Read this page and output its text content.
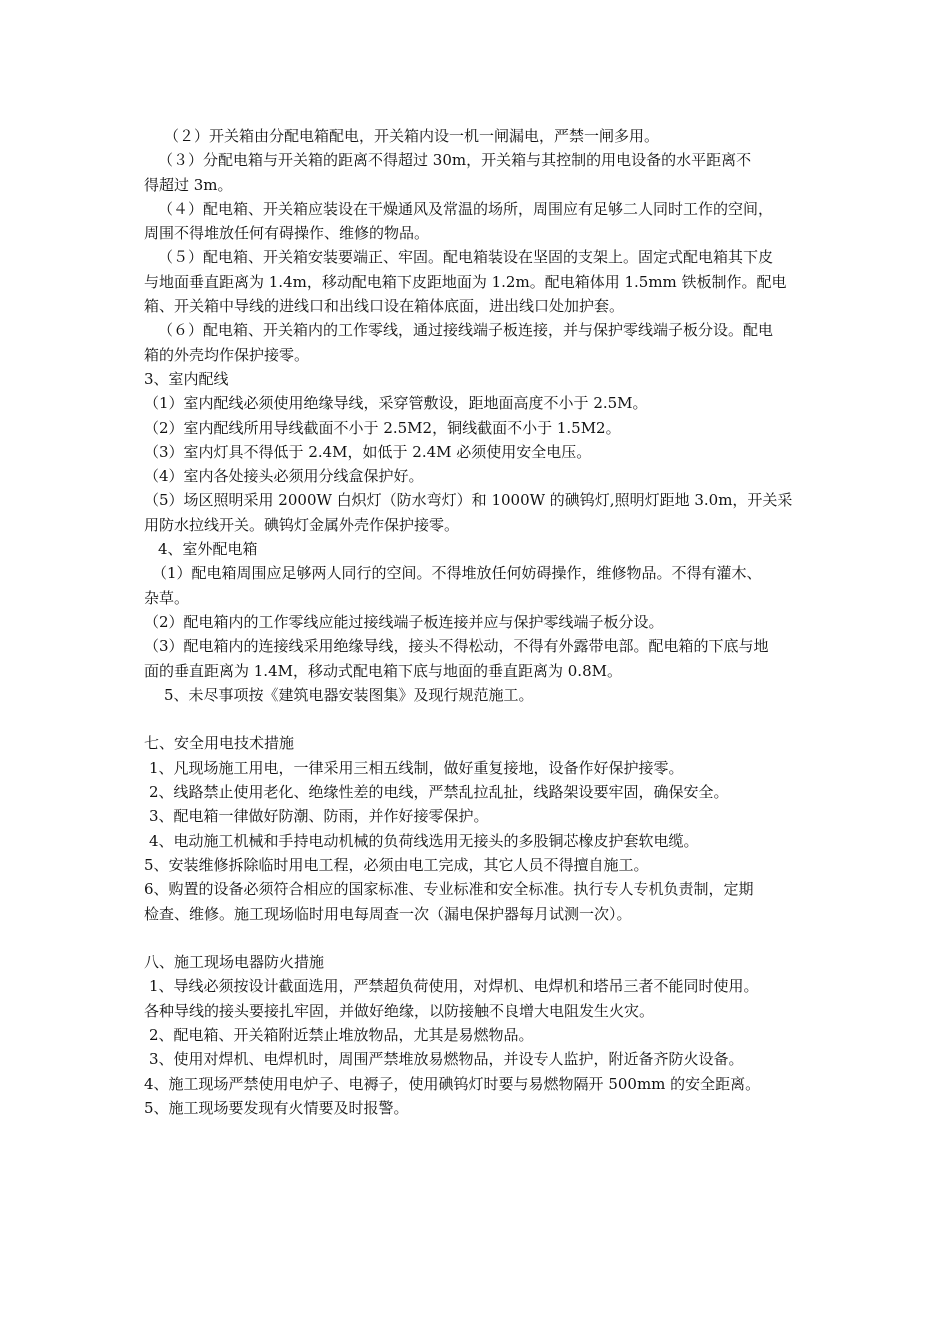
（２）开关箱由分配电箱配电，开关箱内设一机一闸漏电，严禁一闸多用。
（３）分配电箱与开关箱的距离不得超过 30m，开关箱与其控制的用电设备的水平距离不
得超过 3m。
（４）配电箱、开关箱应装设在干燥通风及常温的场所，周围应有足够二人同时工作的空间，
周围不得堆放任何有碍操作、维修的物品。
（５）配电箱、开关箱安装要端正、牢固。配电箱装设在坚固的支架上。固定式配电箱其下皮
与地面垂直距离为 1.4m，移动配电箱下皮距地面为 1.2m。配电箱体用 1.5mm 铁板制作。配电
箱、开关箱中导线的进线口和出线口设在箱体底面，进出线口处加护套。
（６）配电箱、开关箱内的工作零线，通过接线端子板连接，并与保护零线端子板分设。配电
箱的外壳均作保护接零。
3、室内配线
（1）室内配线必须使用绝缘导线，采穿管敷设，距地面高度不小于 2.5M。
（2）室内配线所用导线截面不小于 2.5M2，铜线截面不小于 1.5M2。
（3）室内灯具不得低于 2.4M，如低于 2.4M 必须使用安全电压。
（4）室内各处接头必须用分线盒保护好。
（5）场区照明采用 2000W 白炽灯（防水弯灯）和 1000W 的碘钨灯,照明灯距地 3.0m，开关采
用防水拉线开关。碘钨灯金属外壳作保护接零。
4、室外配电箱
（1）配电箱周围应足够两人同行的空间。不得堆放任何妨碍操作，维修物品。不得有灌木、
杂草。
（2）配电箱内的工作零线应能过接线端子板连接并应与保护零线端子板分设。
（3）配电箱内的连接线采用绝缘导线，接头不得松动，不得有外露带电部。配电箱的下底与地
面的垂直距离为 1.4M，移动式配电箱下底与地面的垂直距离为 0.8M。
5、未尽事项按《建筑电器安装图集》及现行规范施工。
七、安全用电技术措施
1、凡现场施工用电，一律采用三相五线制，做好重复接地，设备作好保护接零。
2、线路禁止使用老化、绝缘性差的电线，严禁乱拉乱扯，线路架设要牢固，确保安全。
3、配电箱一律做好防潮、防雨，并作好接零保护。
4、电动施工机械和手持电动机械的负荷线选用无接头的多股铜芯橡皮护套软电缆。
5、安装维修拆除临时用电工程，必须由电工完成，其它人员不得擅自施工。
6、购置的设备必须符合相应的国家标准、专业标准和安全标准。执行专人专机负责制，定期
检查、维修。施工现场临时用电每周查一次（漏电保护器每月试测一次）。
八、施工现场电器防火措施
1、导线必须按设计截面选用，严禁超负荷使用，对焊机、电焊机和塔吊三者不能同时使用。
各种导线的接头要接扎牢固，并做好绝缘，以防接触不良增大电阻发生火灾。
2、配电箱、开关箱附近禁止堆放物品，尤其是易燃物品。
3、使用对焊机、电焊机时，周围严禁堆放易燃物品，并设专人监护，附近备齐防火设备。
4、施工现场严禁使用电炉子、电褥子，使用碘钨灯时要与易燃物隔开 500mm 的安全距离。
5、施工现场要发现有火情要及时报警。
